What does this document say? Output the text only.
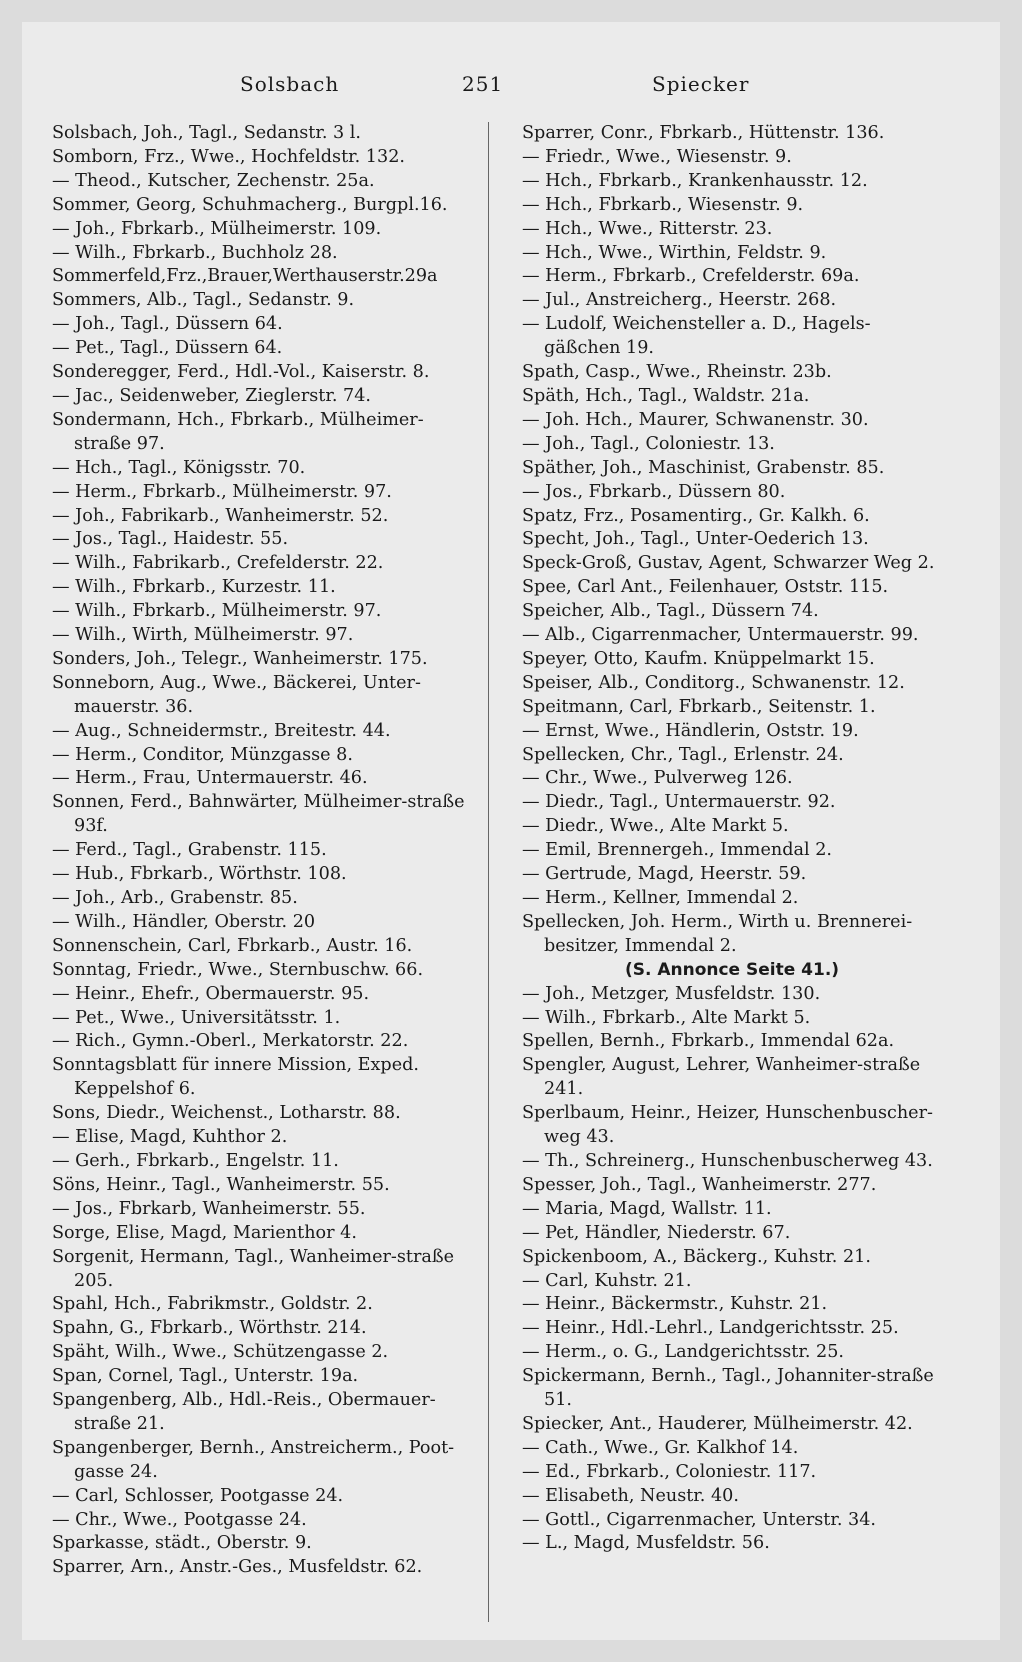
Solsbach	251	Spiecker
Solsbach, Joh., Tagl., Sedanstr. 3 l.
Somborn, Frz., Wwe., Hochfeldstr. 132.
— Theod., Kutscher, Zechenstr. 25a.
Sommer, Georg, Schuhmacherg., Burgpl.16.
— Joh., Fbrkarb., Mülheimerstr. 109.
— Wilh., Fbrkarb., Buchholz 28.
Sommerfeld,Frz.,Brauer,Werthauserstr.29a
Sommers, Alb., Tagl., Sedanstr. 9.
— Joh., Tagl., Düssern 64.
— Pet., Tagl., Düssern 64.
Sonderegger, Ferd., Hdl.-Vol., Kaiserstr. 8.
— Jac., Seidenweber, Zieglerstr. 74.
Sondermann, Hch., Fbrkarb., Mülheimer-straße 97.
— Hch., Tagl., Königsstr. 70.
— Herm., Fbrkarb., Mülheimerstr. 97.
— Joh., Fabrikarb., Wanheimerstr. 52.
— Jos., Tagl., Haidestr. 55.
— Wilh., Fabrikarb., Crefelderstr. 22.
— Wilh., Fbrkarb., Kurzestr. 11.
— Wilh., Fbrkarb., Mülheimerstr. 97.
— Wilh., Wirth, Mülheimerstr. 97.
Sonders, Joh., Telegr., Wanheimerstr. 175.
Sonneborn, Aug., Wwe., Bäckerei, Unter-mauerstr. 36.
— Aug., Schneidermstr., Breitestr. 44.
— Herm., Conditor, Münzgasse 8.
— Herm., Frau, Untermauerstr. 46.
Sonnen, Ferd., Bahnwärter, Mülheimer-straße 93f.
— Ferd., Tagl., Grabenstr. 115.
— Hub., Fbrkarb., Wörthstr. 108.
— Joh., Arb., Grabenstr. 85.
— Wilh., Händler, Oberstr. 20
Sonnenschein, Carl, Fbrkarb., Austr. 16.
Sonntag, Friedr., Wwe., Sternbuschw. 66.
— Heinr., Ehefr., Obermauerstr. 95.
— Pet., Wwe., Universitätsstr. 1.
— Rich., Gymn.-Oberl., Merkatorstr. 22.
Sonntagsblatt für innere Mission, Exped. Keppelshof 6.
Sons, Diedr., Weichenst., Lotharstr. 88.
— Elise, Magd, Kuhthor 2.
— Gerh., Fbrkarb., Engelstr. 11.
Söns, Heinr., Tagl., Wanheimerstr. 55.
— Jos., Fbrkarb, Wanheimerstr. 55.
Sorge, Elise, Magd, Marienthor 4.
Sorgenit, Hermann, Tagl., Wanheimer-straße 205.
Spahl, Hch., Fabrikmstr., Goldstr. 2.
Spahn, G., Fbrkarb., Wörthstr. 214.
Späht, Wilh., Wwe., Schützengasse 2.
Span, Cornel, Tagl., Unterstr. 19a.
Spangenberg, Alb., Hdl.-Reis., Obermauer-straße 21.
Spangenberger, Bernh., Anstreicherm., Poot-gasse 24.
— Carl, Schlosser, Pootgasse 24.
— Chr., Wwe., Pootgasse 24.
Sparkasse, städt., Oberstr. 9.
Sparrer, Arn., Anstr.-Ges., Musfeldstr. 62.
Sparrer, Conr., Fbrkarb., Hüttenstr. 136.
— Friedr., Wwe., Wiesenstr. 9.
— Hch., Fbrkarb., Krankenhausstr. 12.
— Hch., Fbrkarb., Wiesenstr. 9.
— Hch., Wwe., Ritterstr. 23.
— Hch., Wwe., Wirthin, Feldstr. 9.
— Herm., Fbrkarb., Crefelderstr. 69a.
— Jul., Anstreicherg., Heerstr. 268.
— Ludolf, Weichensteller a. D., Hagels-gäßchen 19.
Spath, Casp., Wwe., Rheinstr. 23b.
Späth, Hch., Tagl., Waldstr. 21a.
— Joh. Hch., Maurer, Schwanenstr. 30.
— Joh., Tagl., Coloniestr. 13.
Späther, Joh., Maschinist, Grabenstr. 85.
— Jos., Fbrkarb., Düssern 80.
Spatz, Frz., Posamentirg., Gr. Kalkh. 6.
Specht, Joh., Tagl., Unter-Oederich 13.
Speck-Groß, Gustav, Agent, Schwarzer Weg 2.
Spee, Carl Ant., Feilenhauer, Oststr. 115.
Speicher, Alb., Tagl., Düssern 74.
— Alb., Cigarrenmacher, Untermauerstr. 99.
Speyer, Otto, Kaufm. Knüppelmarkt 15.
Speiser, Alb., Conditorg., Schwanenstr. 12.
Speitmann, Carl, Fbrkarb., Seitenstr. 1.
— Ernst, Wwe., Händlerin, Oststr. 19.
Spellecken, Chr., Tagl., Erlenstr. 24.
— Chr., Wwe., Pulverweg 126.
— Diedr., Tagl., Untermauerstr. 92.
— Diedr., Wwe., Alte Markt 5.
— Emil, Brennergeh., Immendal 2.
— Gertrude, Magd, Heerstr. 59.
— Herm., Kellner, Immendal 2.
Spellecken, Joh. Herm., Wirth u. Brennerei-besitzer, Immendal 2.
(S. Annonce Seite 41.)
— Joh., Metzger, Musfeldstr. 130.
— Wilh., Fbrkarb., Alte Markt 5.
Spellen, Bernh., Fbrkarb., Immendal 62a.
Spengler, August, Lehrer, Wanheimer-straße 241.
Sperlbaum, Heinr., Heizer, Hunschenbuscher-weg 43.
— Th., Schreinerg., Hunschenbuscherweg 43.
Spesser, Joh., Tagl., Wanheimerstr. 277.
— Maria, Magd, Wallstr. 11.
— Pet, Händler, Niederstr. 67.
Spickenboom, A., Bäckerg., Kuhstr. 21.
— Carl, Kuhstr. 21.
— Heinr., Bäckermstr., Kuhstr. 21.
— Heinr., Hdl.-Lehrl., Landgerichtsstr. 25.
— Herm., o. G., Landgerichtsstr. 25.
Spickermann, Bernh., Tagl., Johanniter-straße 51.
Spiecker, Ant., Hauderer, Mülheimerstr. 42.
— Cath., Wwe., Gr. Kalkhof 14.
— Ed., Fbrkarb., Coloniestr. 117.
— Elisabeth, Neustr. 40.
— Gottl., Cigarrenmacher, Unterstr. 34.
— L., Magd, Musfeldstr. 56.
